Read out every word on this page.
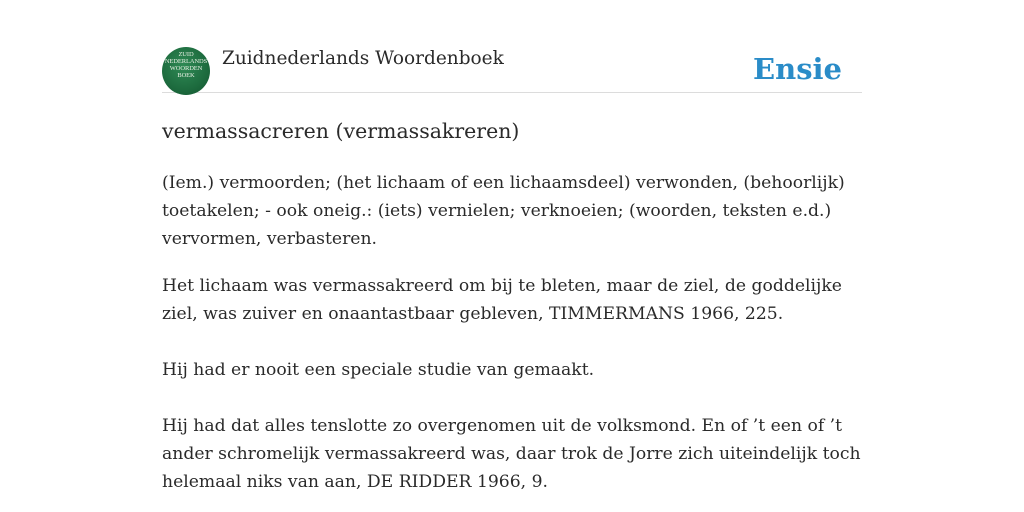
ZUID
NEDERLANDS
WOORDEN
BOEK
Zuidnederlands Woordenboek	Ensie
vermassacreren (vermassakreren)

(Iem.) vermoorden; (het lichaam of een lichaamsdeel) verwonden, (behoorlijk) toetakelen; - ook oneig.: (iets) vernielen; verknoeien; (woorden, teksten e.d.) vervormen, verbasteren.

Het lichaam was vermassakreerd om bij te bleten, maar de ziel, de goddelijke ziel, was zuiver en onaantastbaar gebleven, TIMMERMANS 1966, 225.

Hij had er nooit een speciale studie van gemaakt.

Hij had dat alles tenslotte zo overgenomen uit de volksmond. En of ’t een of ’t ander schromelijk vermassakreerd was, daar trok de Jorre zich uiteindelijk toch helemaal niks van aan, DE RIDDER 1966, 9.
